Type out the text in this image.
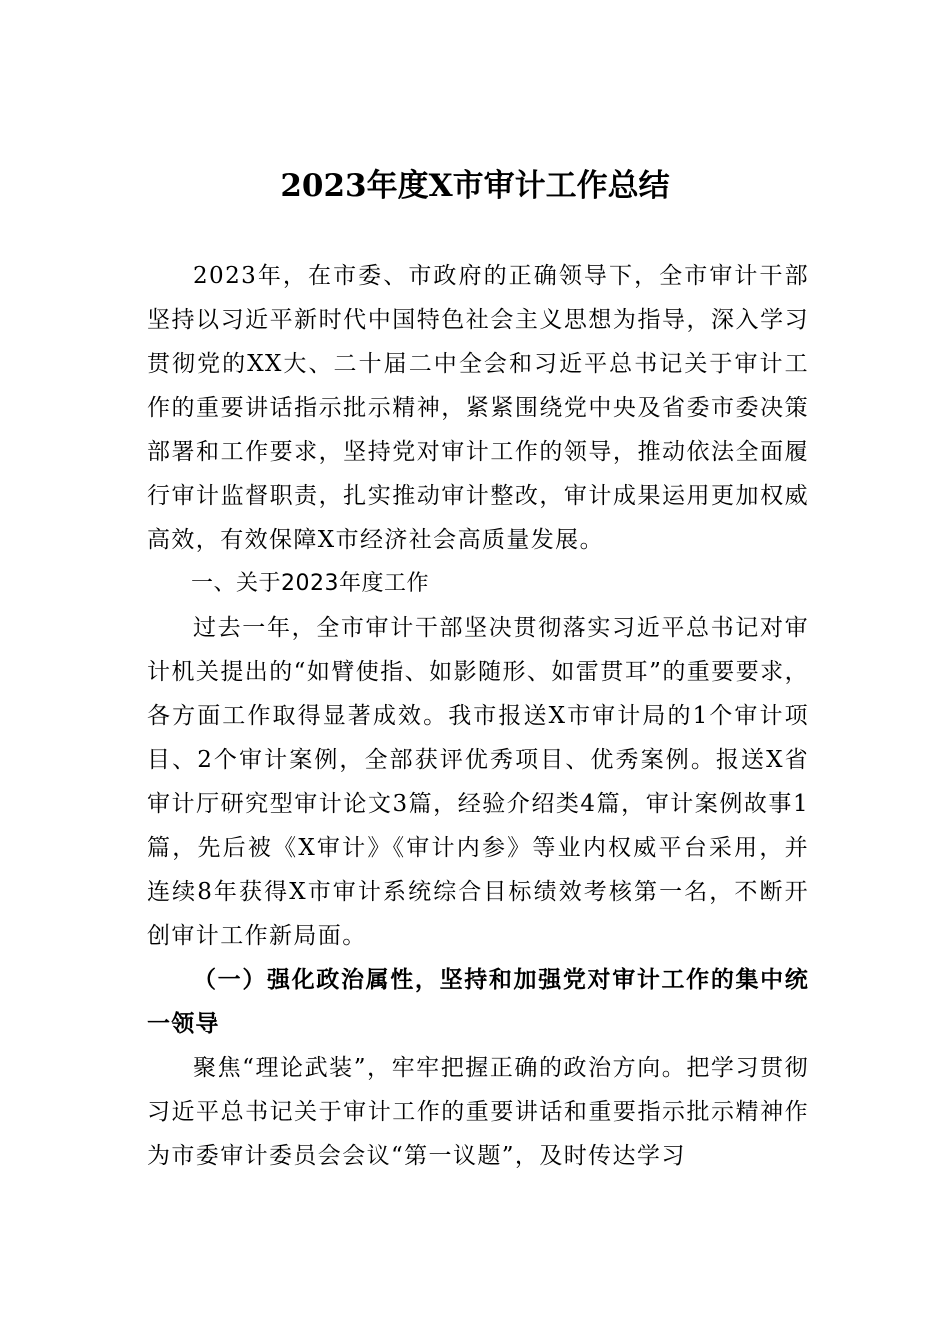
2023年度X市审计工作总结

2023年，在市委、市政府的正确领导下，全市审计干部坚持以习近平新时代中国特色社会主义思想为指导，深入学习贯彻党的XX大、二十届二中全会和习近平总书记关于审计工作的重要讲话指示批示精神，紧紧围绕党中央及省委市委决策部署和工作要求，坚持党对审计工作的领导，推动依法全面履行审计监督职责，扎实推动审计整改，审计成果运用更加权威高效，有效保障X市经济社会高质量发展。

一、关于2023年度工作

过去一年，全市审计干部坚决贯彻落实习近平总书记对审计机关提出的“如臂使指、如影随形、如雷贯耳”的重要要求，各方面工作取得显著成效。我市报送X市审计局的1个审计项目、2个审计案例，全部获评优秀项目、优秀案例。报送X省审计厅研究型审计论文3篇，经验介绍类4篇，审计案例故事1篇，先后被《X审计》《审计内参》等业内权威平台采用，并连续8年获得X市审计系统综合目标绩效考核第一名，不断开创审计工作新局面。

（一）强化政治属性，坚持和加强党对审计工作的集中统一领导

聚焦“理论武装”，牢牢把握正确的政治方向。把学习贯彻习近平总书记关于审计工作的重要讲话和重要指示批示精神作为市委审计委员会会议“第一议题”，及时传达学习
